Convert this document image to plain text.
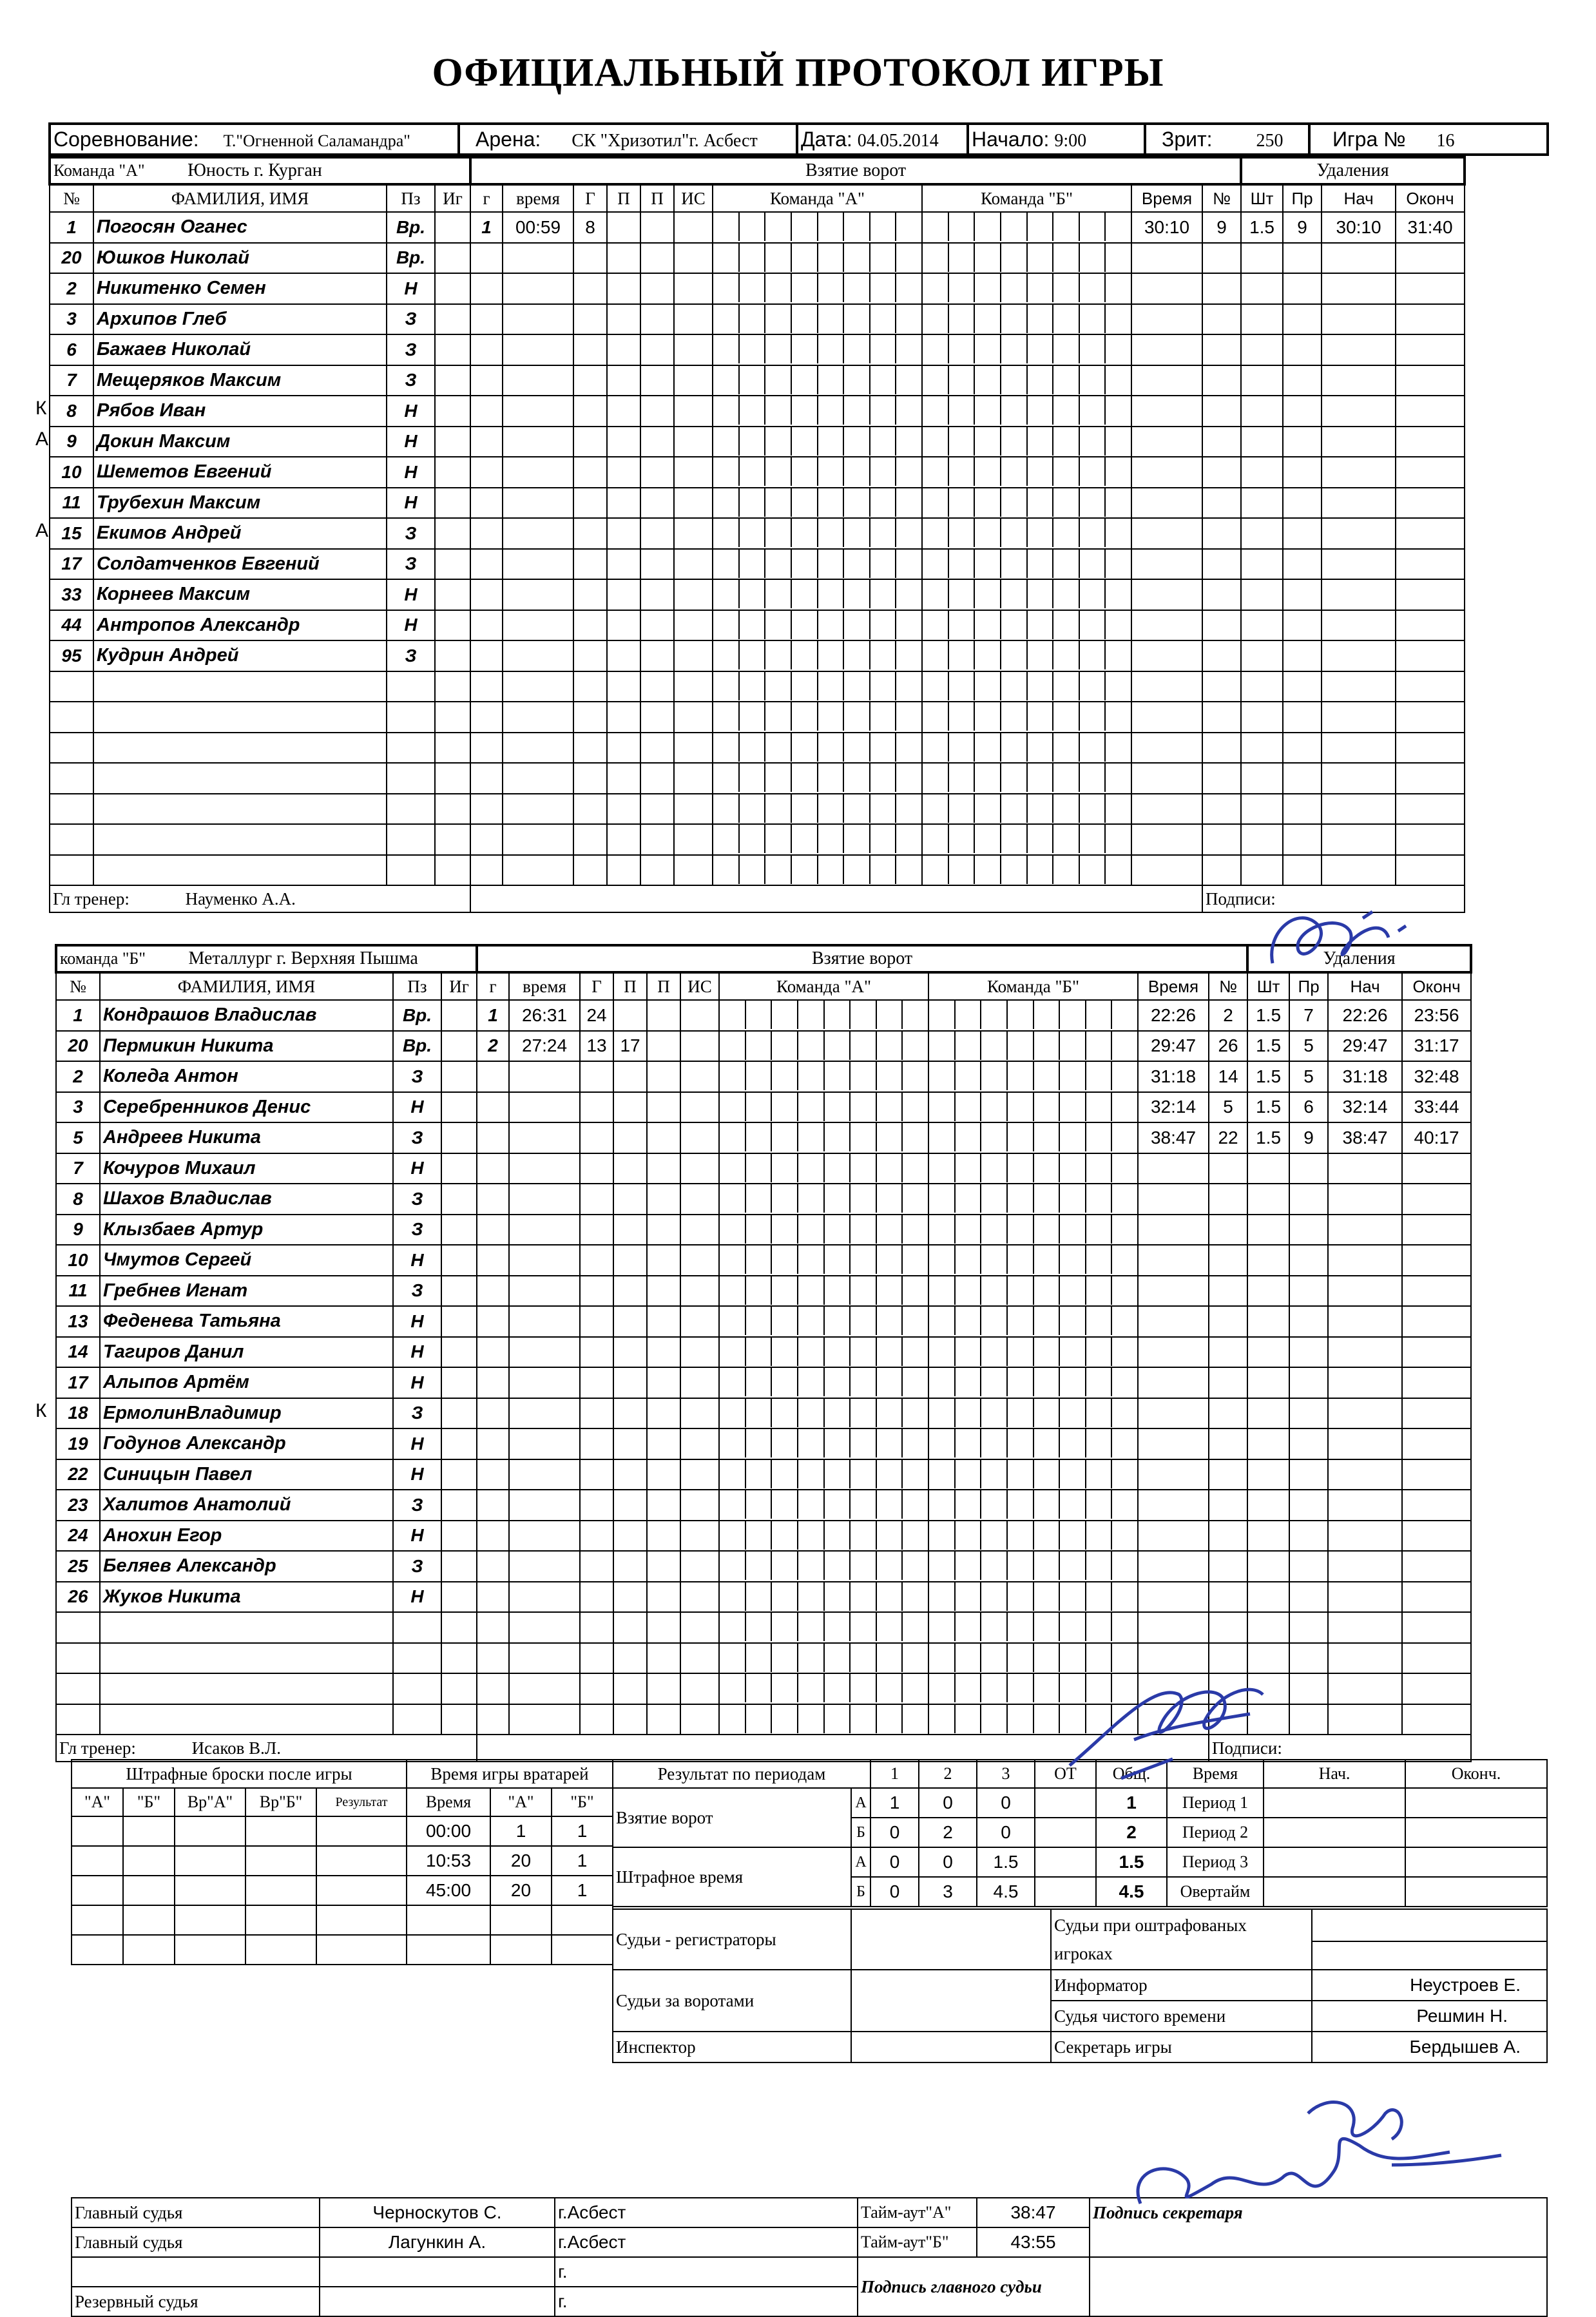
ОФИЦИАЛЬНЫЙ ПРОТОКОЛ ИГРЫ
Соревнование: Т."Огненной Саламандра"	Арена: СК "Хризотил"г. Асбест	Дата: 04.05.2014	Начало: 9:00	Зрит: 250	Игра № 16
Команда "А" Юность г. Курган				Взятие ворот										Удаления			
№	ФАМИЛИЯ, ИМЯ	Пз	Иг	г	время	Г	П	П	ИС	Команда "А"	Команда "Б"	Время	№	Шт	Пр	Нач	Оконч
1	Погосян Оганес	Вр.		1	00:59	8						30:10	9	1.5	9	30:10	31:40
20	Юшков Николай	Вр.								

2	Никитенко Семен	Н								

3	Архипов Глеб	З								

6	Бажаев Николай	З								

7	Мещеряков Максим	З								

8	Рябов Иван	Н								

9	Докин Максим	Н								

10	Шеметов Евгений	Н								

11	Трубехин Максим	Н								

15	Екимов Андрей	З								

17	Солдатченков Евгений	З								

33	Корнеев Максим	Н								

44	Антропов Александр	Н								

95	Кудрин Андрей	З								

Гл тренер: Науменко А.А.													Подписи:				
К
А
А
команда "Б" Металлург г. Верхняя Пышма				Взятие ворот										Удаления			
№	ФАМИЛИЯ, ИМЯ	Пз	Иг	г	время	Г	П	П	ИС	Команда "А"	Команда "Б"	Время	№	Шт	Пр	Нач	Оконч
1	Кондрашов Владислав	Вр.		1	26:31	24						22:26	2	1.5	7	22:26	23:56
20	Пермикин Никита	Вр.		2	27:24	13	17					29:47	26	1.5	5	29:47	31:17
2	Коледа Антон	З										31:18	14	1.5	5	31:18	32:48
3	Серебренников Денис	Н										32:14	5	1.5	6	32:14	33:44
5	Андреев Никита	З										38:47	22	1.5	9	38:47	40:17
7	Кочуров Михаил	Н								

8	Шахов Владислав	З								

9	Клызбаев Артур	З								

10	Чмутов Сергей	Н								

11	Гребнев Игнат	З								

13	Феденева Татьяна	Н								

14	Тагиров Данил	Н								

17	Алыпов Артём	Н								

18	ЕрмолинВладимир	З								

19	Годунов Александр	Н								

22	Синицын Павел	Н								

23	Халитов Анатолий	З								

24	Анохин Егор	Н								

25	Беляев Александр	З								

26	Жуков Никита	Н								

Гл тренер: Исаков В.Л.													Подписи:				
К
Штрафные броски после игры				
"А"	"Б"	Вр"А"	Вр"Б"	Результат

Время игры вратарей		
Время	"А"	"Б"
00:00	1	1
10:53	20	1
45:00	20	1

Результат по периодам		1	2	3	ОТ	Общ.	Время
Взятие ворот	А	1	0	0		1	Период 1
	Б	0	2	0		2	Период 2
Штрафное время	А	0	0	1.5		1.5	Период 3
	Б	0	3	4.5		4.5	Овертайм
Нач.	Оконч.

Судьи - регистраторы		Судьи при оштрафованых игроках	

Судьи за воротами		Информатор	Неустроев Е.
		Судья чистого времени	Решмин Н.
Инспектор		Секретарь игры	Бердышев А.
Главный судья	Черноскутов С.	г.Асбест	Тайм-аут"А"	38:47	Подпись секретаря
Главный судья	Лагункин А.	г.Асбест	Тайм-аут"Б"	43:55	
		г.	Подпись главного судьи		
Резервный судья		г.			
